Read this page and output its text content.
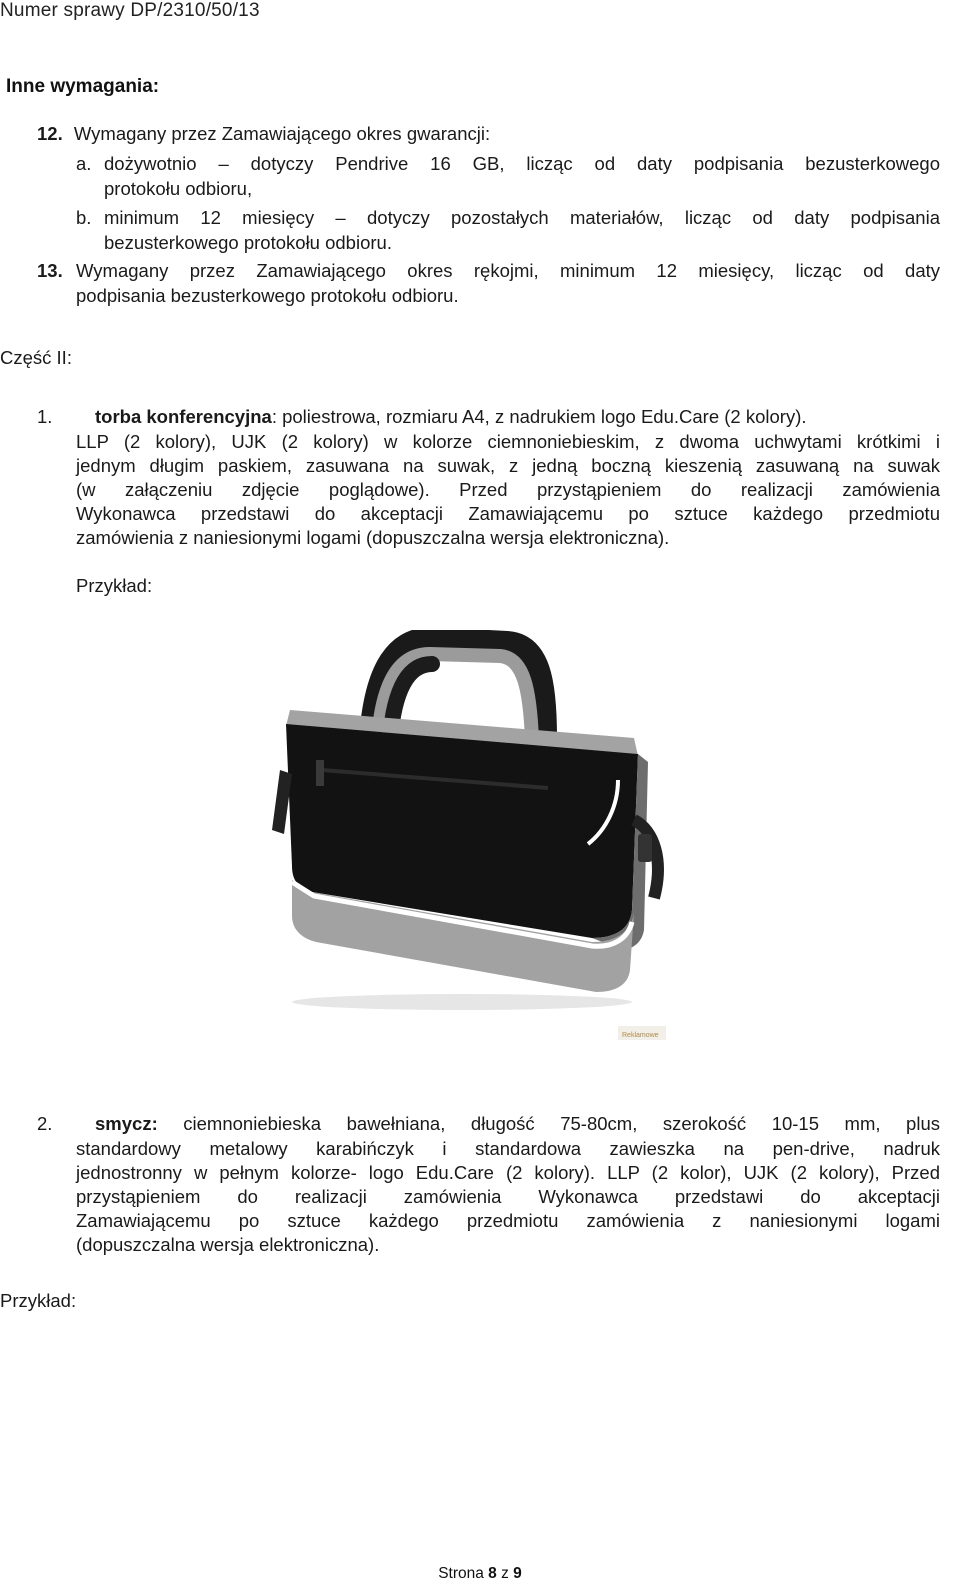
Numer sprawy DP/2310/50/13
Inne wymagania:
12. Wymagany przez Zamawiającego okres gwarancji:
a. dożywotnio – dotyczy Pendrive 16 GB, licząc od daty podpisania bezusterkowego
protokołu odbioru,
b. minimum 12 miesięcy – dotyczy pozostałych materiałów, licząc od daty podpisania
bezusterkowego protokołu odbioru.
13. Wymagany przez Zamawiającego okres rękojmi, minimum 12 miesięcy, licząc od daty
podpisania bezusterkowego protokołu odbioru.
Część II:
1. torba konferencyjna: poliestrowa, rozmiaru A4, z nadrukiem logo Edu.Care (2 kolory).
LLP (2 kolory), UJK (2 kolory) w kolorze ciemnoniebieskim, z dwoma uchwytami krótkimi i
jednym długim paskiem, zasuwana na suwak, z jedną boczną kieszenią zasuwaną na suwak
(w załączeniu zdjęcie poglądowe). Przed przystąpieniem do realizacji zamówienia
Wykonawca przedstawi do akceptacji Zamawiającemu po sztuce każdego przedmiotu
zamówienia z naniesionymi logami (dopuszczalna wersja elektroniczna).
Przykład:
Reklamowe
2. smycz: ciemnoniebieska bawełniana, długość 75-80cm, szerokość 10-15 mm, plus
standardowy metalowy karabińczyk i standardowa zawieszka na pen-drive, nadruk
jednostronny w pełnym kolorze- logo Edu.Care (2 kolory). LLP (2 kolor), UJK (2 kolory), Przed
przystąpieniem do realizacji zamówienia Wykonawca przedstawi do akceptacji
Zamawiającemu po sztuce każdego przedmiotu zamówienia z naniesionymi logami
(dopuszczalna wersja elektroniczna).
Przykład:
Strona 8 z 9
